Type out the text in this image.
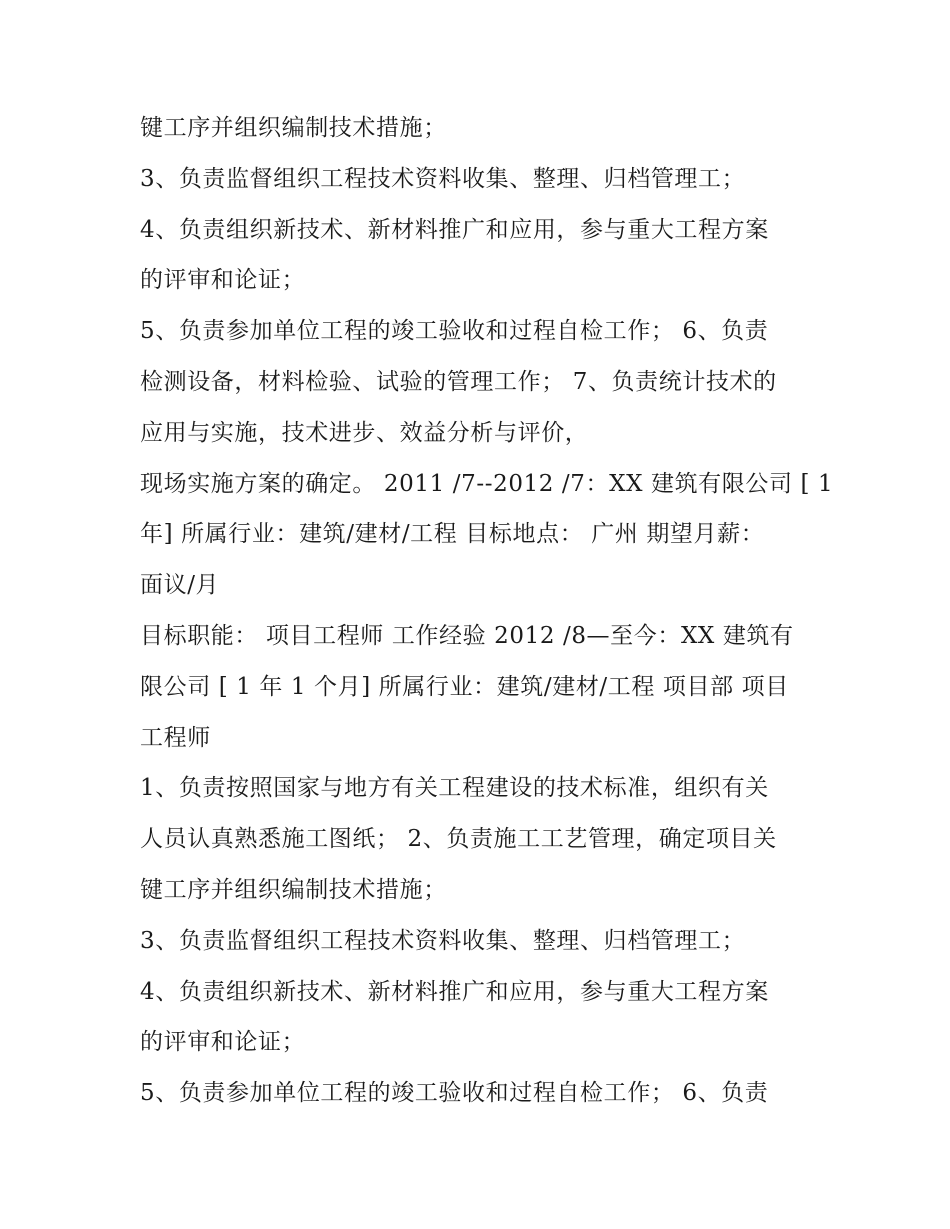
键工序并组织编制技术措施；
3、负责监督组织工程技术资料收集、整理、归档管理工；
4、负责组织新技术、新材料推广和应用，参与重大工程方案
的评审和论证；
5、负责参加单位工程的竣工验收和过程自检工作； 6、负责
检测设备，材料检验、试验的管理工作； 7、负责统计技术的
应用与实施，技术进步、效益分析与评价，
现场实施方案的确定。 2011 /7--2012 /7：XX 建筑有限公司 [ 1
年] 所属行业：建筑/建材/工程 目标地点： 广州 期望月薪：
面议/月
目标职能： 项目工程师 工作经验 2012 /8—至今：XX 建筑有
限公司 [ 1 年 1 个月] 所属行业：建筑/建材/工程 项目部 项目
工程师
1、负责按照国家与地方有关工程建设的技术标准，组织有关
人员认真熟悉施工图纸； 2、负责施工工艺管理，确定项目关
键工序并组织编制技术措施；
3、负责监督组织工程技术资料收集、整理、归档管理工；
4、负责组织新技术、新材料推广和应用，参与重大工程方案
的评审和论证；
5、负责参加单位工程的竣工验收和过程自检工作； 6、负责
